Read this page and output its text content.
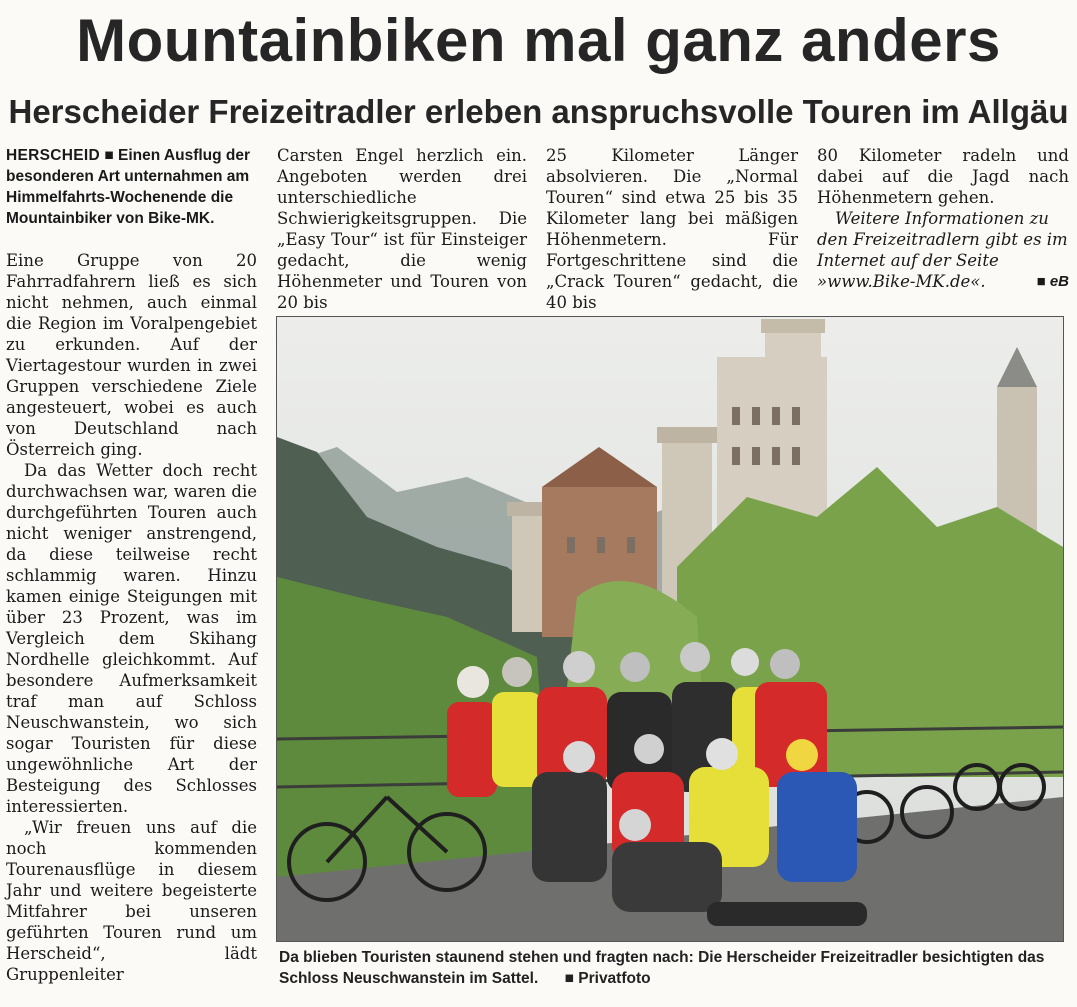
Mountainbiken mal ganz anders
Herscheider Freizeitradler erleben anspruchsvolle Touren im Allgäu

HERSCHEID ■ Einen Ausflug der besonderen Art unternahmen am Himmelfahrts-Wochenende die Mountainbiker von Bike-MK.

Eine Gruppe von 20 Fahrradfahrern ließ es sich nicht nehmen, auch einmal die Region im Voralpengebiet zu erkunden. Auf der Viertagestour wurden in zwei Gruppen verschiedene Ziele angesteuert, wobei es auch von Deutschland nach Österreich ging.

Da das Wetter doch recht durchwachsen war, waren die durchgeführten Touren auch nicht weniger anstrengend, da diese teilweise recht schlammig waren. Hinzu kamen einige Steigungen mit über 23 Prozent, was im Vergleich dem Skihang Nordhelle gleichkommt. Auf besondere Aufmerksamkeit traf man auf Schloss Neuschwanstein, wo sich sogar Touristen für diese ungewöhnliche Art der Besteigung des Schlosses interessierten.

„Wir freuen uns auf die noch kommenden Tourenausflüge in diesem Jahr und weitere begeisterte Mitfahrer bei unseren geführten Touren rund um Herscheid“, lädt Gruppenleiter

Carsten Engel herzlich ein. Angeboten werden drei unterschiedliche Schwierigkeitsgruppen. Die „Easy Tour“ ist für Einsteiger gedacht, die wenig Höhenmeter und Touren von 20 bis

25 Kilometer Länger absolvieren. Die „Normal Touren“ sind etwa 25 bis 35 Kilometer lang bei mäßigen Höhenmetern. Für Fortgeschrittene sind die „Crack Touren“ gedacht, die 40 bis

80 Kilometer radeln und dabei auf die Jagd nach Höhenmetern gehen.

Weitere Informationen zu den Freizeitradlern gibt es im Internet auf der Seite »www.Bike-MK.de«.	■ eB

Da blieben Touristen staunend stehen und fragten nach: Die Herscheider Freizeitradler besichtigten das Schloss Neuschwanstein im Sattel. ■ Privatfoto
